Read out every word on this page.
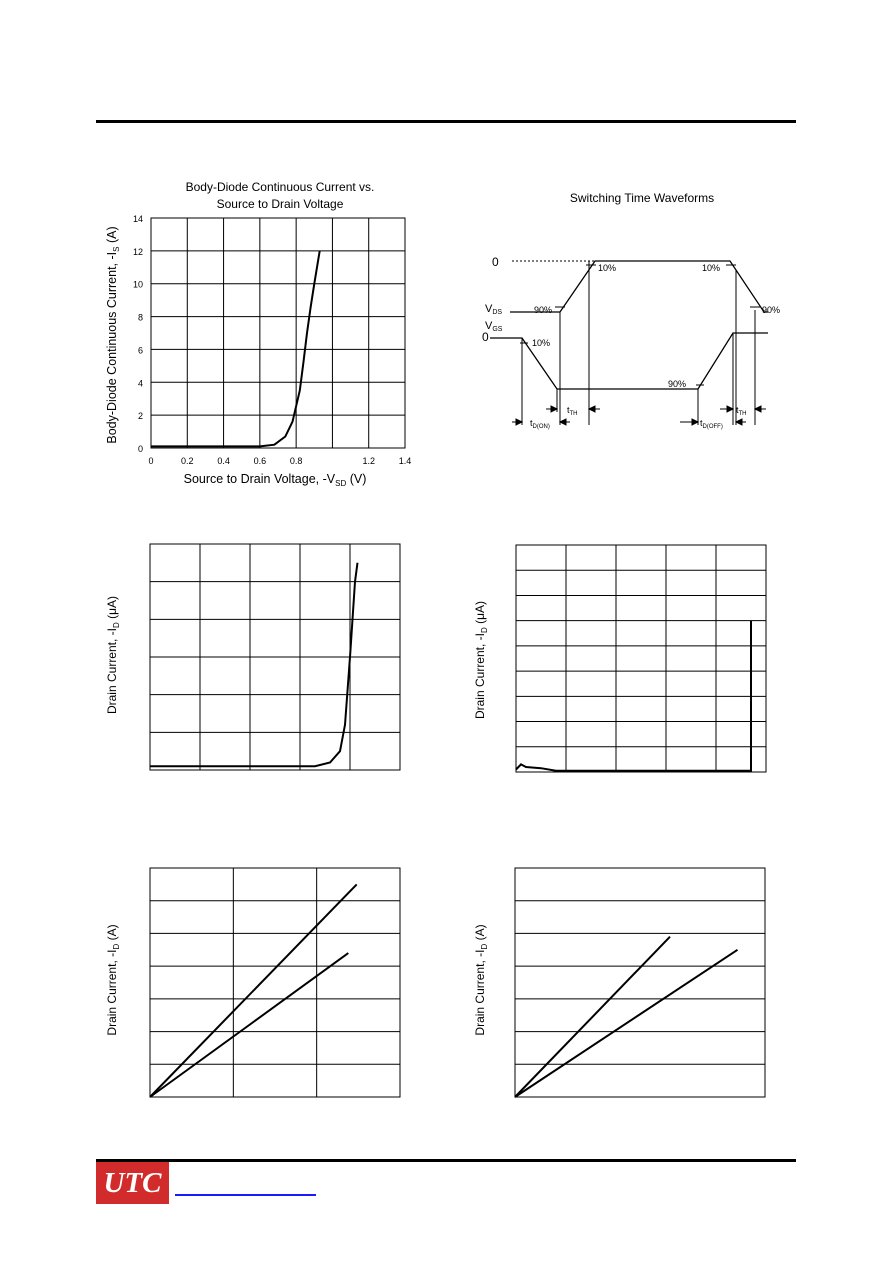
Body-Diode Continuous Current vs.
Source to Drain Voltage
0
2
4
6
8
10
12
14
0	0.2	0.4	0.6	0.8	1.2	1.4
Source to Drain Voltage, $-V_{SD}$ (V)
Body-Diode Continuous Current, $-I_S$ (A)
Switching Time Waveforms
0
VDS
VGS
0
10%	10%
90%	90%
10%
90%
$t_{TH}$	$t_{TH}$
$t_{D(ON)}$	$t_{D(OFF)}$
Drain Current, $-I_D$ (μA)
Drain Current, $-I_D$ (μA)
Drain Current, $-I_D$ (A)
Drain Current, $-I_D$ (A)
UTC
